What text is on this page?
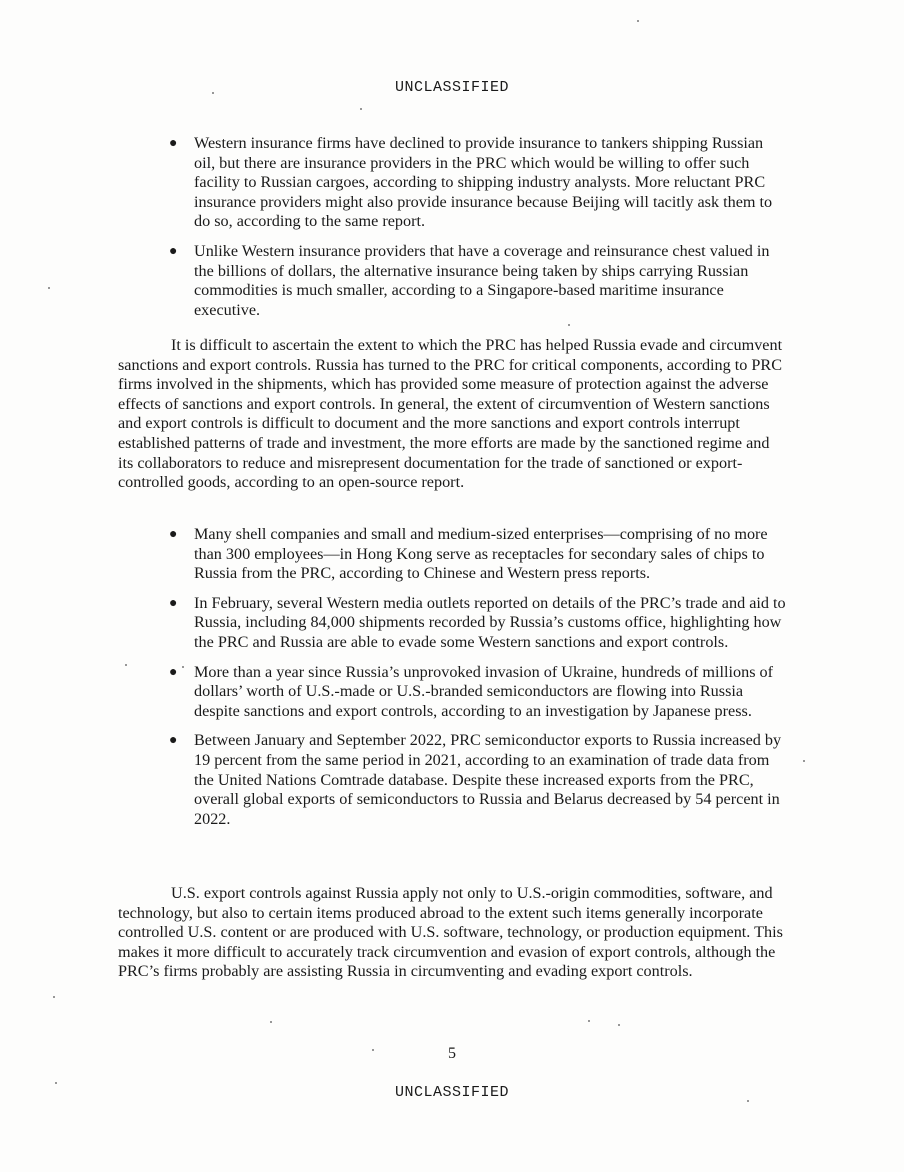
UNCLASSIFIED
● Western insurance firms have declined to provide insurance to tankers shipping Russian oil, but there are insurance providers in the PRC which would be willing to offer such facility to Russian cargoes, according to shipping industry analysts. More reluctant PRC insurance providers might also provide insurance because Beijing will tacitly ask them to do so, according to the same report.
● Unlike Western insurance providers that have a coverage and reinsurance chest valued in the billions of dollars, the alternative insurance being taken by ships carrying Russian commodities is much smaller, according to a Singapore-based maritime insurance executive.

It is difficult to ascertain the extent to which the PRC has helped Russia evade and circumvent sanctions and export controls. Russia has turned to the PRC for critical components, according to PRC firms involved in the shipments, which has provided some measure of protection against the adverse effects of sanctions and export controls. In general, the extent of circumvention of Western sanctions and export controls is difficult to document and the more sanctions and export controls interrupt established patterns of trade and investment, the more efforts are made by the sanctioned regime and its collaborators to reduce and misrepresent documentation for the trade of sanctioned or export-controlled goods, according to an open-source report.

● Many shell companies and small and medium-sized enterprises—comprising of no more than 300 employees—in Hong Kong serve as receptacles for secondary sales of chips to Russia from the PRC, according to Chinese and Western press reports.
● In February, several Western media outlets reported on details of the PRC’s trade and aid to Russia, including 84,000 shipments recorded by Russia’s customs office, highlighting how the PRC and Russia are able to evade some Western sanctions and export controls.
● More than a year since Russia’s unprovoked invasion of Ukraine, hundreds of millions of dollars’ worth of U.S.-made or U.S.-branded semiconductors are flowing into Russia despite sanctions and export controls, according to an investigation by Japanese press.
● Between January and September 2022, PRC semiconductor exports to Russia increased by 19 percent from the same period in 2021, according to an examination of trade data from the United Nations Comtrade database. Despite these increased exports from the PRC, overall global exports of semiconductors to Russia and Belarus decreased by 54 percent in 2022.

U.S. export controls against Russia apply not only to U.S.-origin commodities, software, and technology, but also to certain items produced abroad to the extent such items generally incorporate controlled U.S. content or are produced with U.S. software, technology, or production equipment. This makes it more difficult to accurately track circumvention and evasion of export controls, although the PRC’s firms probably are assisting Russia in circumventing and evading export controls.

5
UNCLASSIFIED
